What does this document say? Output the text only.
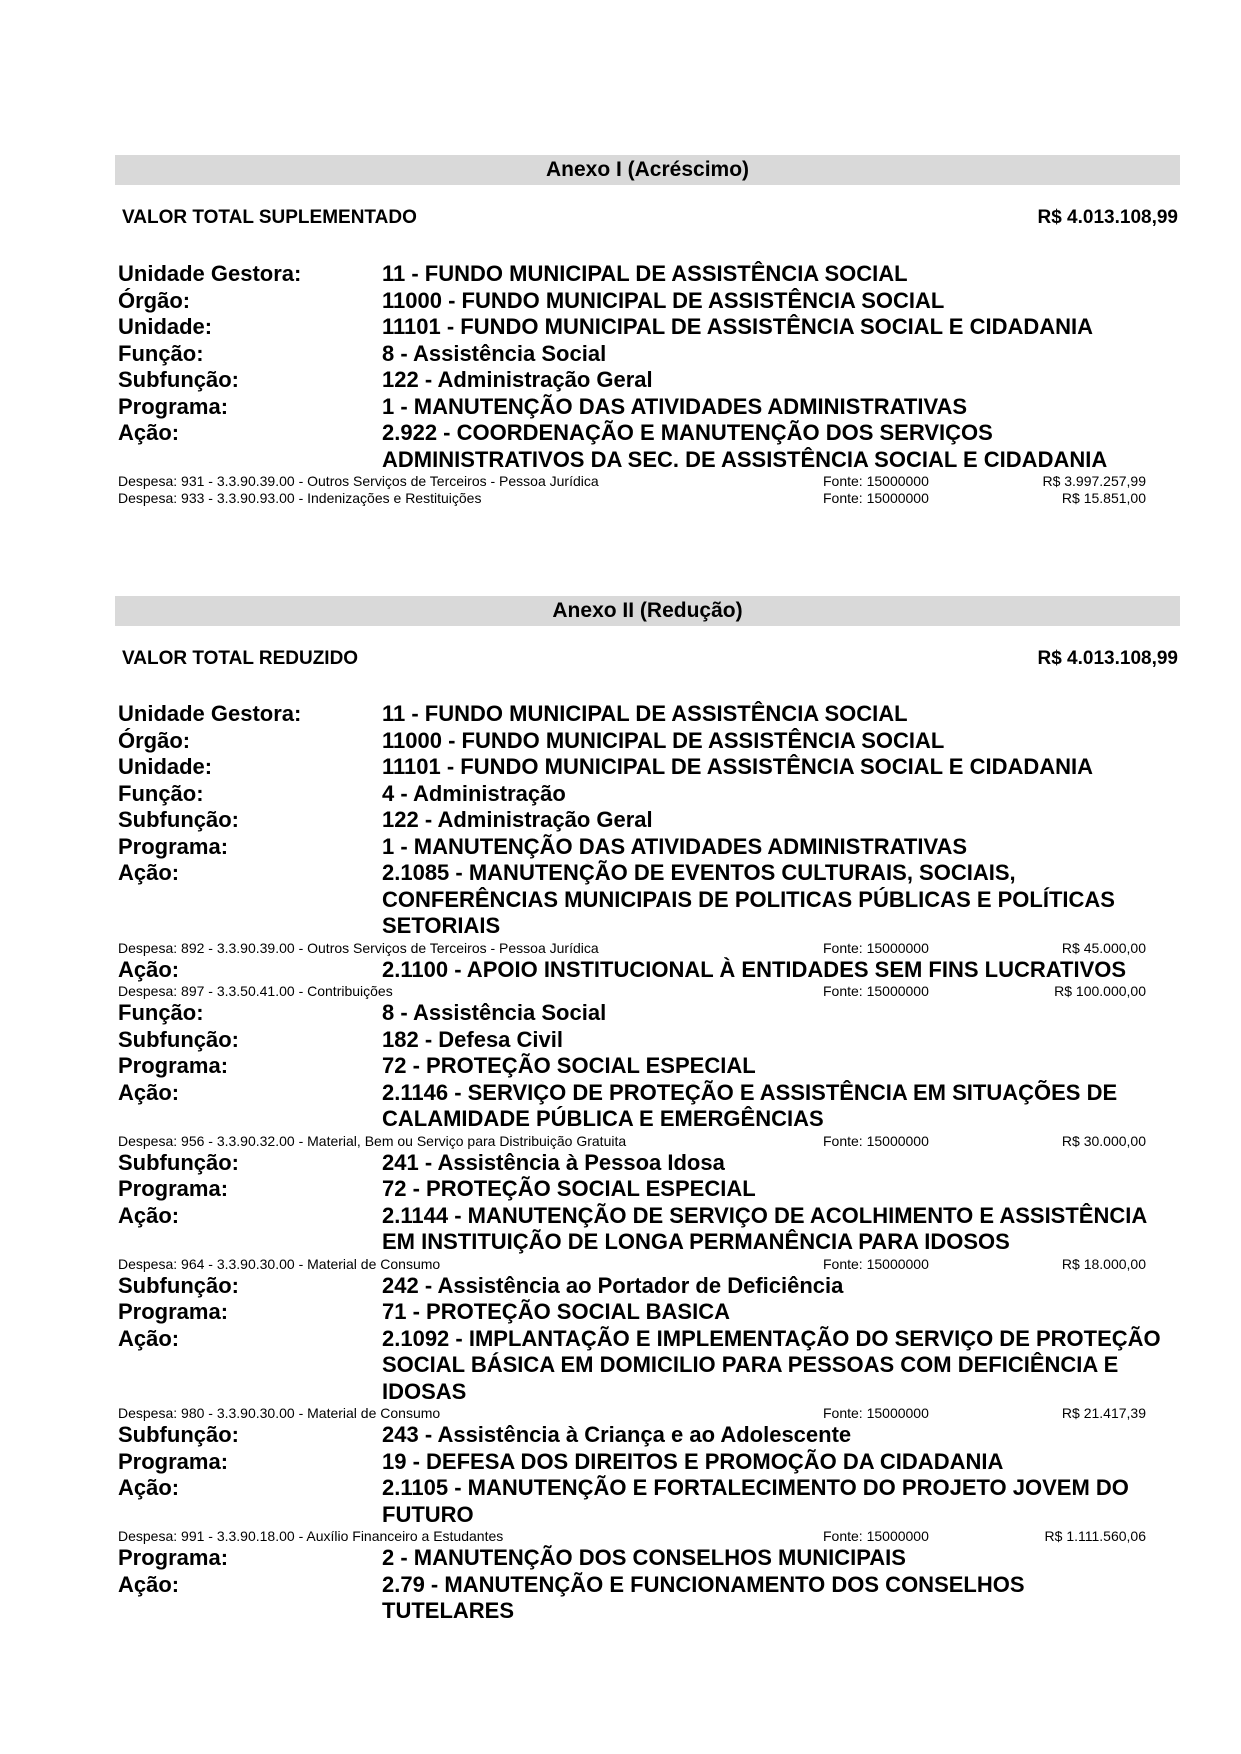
Anexo I (Acréscimo)
VALOR TOTAL SUPLEMENTADO	R$ 4.013.108,99
Unidade Gestora:	11 - FUNDO MUNICIPAL DE ASSISTÊNCIA SOCIAL
Órgão:	11000 - FUNDO MUNICIPAL DE ASSISTÊNCIA SOCIAL
Unidade:	11101 - FUNDO MUNICIPAL DE ASSISTÊNCIA SOCIAL E CIDADANIA
Função:	8 - Assistência Social
Subfunção:	122 - Administração Geral
Programa:	1 - MANUTENÇÃO DAS ATIVIDADES ADMINISTRATIVAS
Ação:	2.922 - COORDENAÇÃO E MANUTENÇÃO DOS SERVIÇOS ADMINISTRATIVOS DA SEC. DE ASSISTÊNCIA SOCIAL E CIDADANIA
Despesa: 931 - 3.3.90.39.00 - Outros Serviços de Terceiros - Pessoa Jurídica	Fonte: 15000000	R$ 3.997.257,99
Despesa: 933 - 3.3.90.93.00 - Indenizações e Restituições	Fonte: 15000000	R$ 15.851,00
Anexo II (Redução)
VALOR TOTAL REDUZIDO	R$ 4.013.108,99
Unidade Gestora:	11 - FUNDO MUNICIPAL DE ASSISTÊNCIA SOCIAL
Órgão:	11000 - FUNDO MUNICIPAL DE ASSISTÊNCIA SOCIAL
Unidade:	11101 - FUNDO MUNICIPAL DE ASSISTÊNCIA SOCIAL E CIDADANIA
Função:	4 - Administração
Subfunção:	122 - Administração Geral
Programa:	1 - MANUTENÇÃO DAS ATIVIDADES ADMINISTRATIVAS
Ação:	2.1085 - MANUTENÇÃO DE EVENTOS CULTURAIS, SOCIAIS, CONFERÊNCIAS MUNICIPAIS DE POLITICAS PÚBLICAS E POLÍTICAS SETORIAIS
Despesa: 892 - 3.3.90.39.00 - Outros Serviços de Terceiros - Pessoa Jurídica	Fonte: 15000000	R$ 45.000,00
Ação:	2.1100 - APOIO INSTITUCIONAL À ENTIDADES SEM FINS LUCRATIVOS
Despesa: 897 - 3.3.50.41.00 - Contribuições	Fonte: 15000000	R$ 100.000,00
Função:	8 - Assistência Social
Subfunção:	182 - Defesa Civil
Programa:	72 - PROTEÇÃO SOCIAL ESPECIAL
Ação:	2.1146 - SERVIÇO DE PROTEÇÃO E ASSISTÊNCIA EM SITUAÇÕES DE CALAMIDADE PÚBLICA E EMERGÊNCIAS
Despesa: 956 - 3.3.90.32.00 - Material, Bem ou Serviço para Distribuição Gratuita	Fonte: 15000000	R$ 30.000,00
Subfunção:	241 - Assistência à Pessoa Idosa
Programa:	72 - PROTEÇÃO SOCIAL ESPECIAL
Ação:	2.1144 - MANUTENÇÃO DE SERVIÇO DE ACOLHIMENTO E ASSISTÊNCIA EM INSTITUIÇÃO DE LONGA PERMANÊNCIA PARA IDOSOS
Despesa: 964 - 3.3.90.30.00 - Material de Consumo	Fonte: 15000000	R$ 18.000,00
Subfunção:	242 - Assistência ao Portador de Deficiência
Programa:	71 - PROTEÇÃO SOCIAL BASICA
Ação:	2.1092 - IMPLANTAÇÃO E IMPLEMENTAÇÃO DO SERVIÇO DE PROTEÇÃO SOCIAL BÁSICA EM DOMICILIO PARA PESSOAS COM DEFICIÊNCIA E IDOSAS
Despesa: 980 - 3.3.90.30.00 - Material de Consumo	Fonte: 15000000	R$ 21.417,39
Subfunção:	243 - Assistência à Criança e ao Adolescente
Programa:	19 - DEFESA DOS DIREITOS E PROMOÇÃO DA CIDADANIA
Ação:	2.1105 - MANUTENÇÃO E FORTALECIMENTO DO PROJETO JOVEM DO FUTURO
Despesa: 991 - 3.3.90.18.00 - Auxílio Financeiro a Estudantes	Fonte: 15000000	R$ 1.111.560,06
Programa:	2 - MANUTENÇÃO DOS CONSELHOS MUNICIPAIS
Ação:	2.79 - MANUTENÇÃO E FUNCIONAMENTO DOS CONSELHOS TUTELARES
